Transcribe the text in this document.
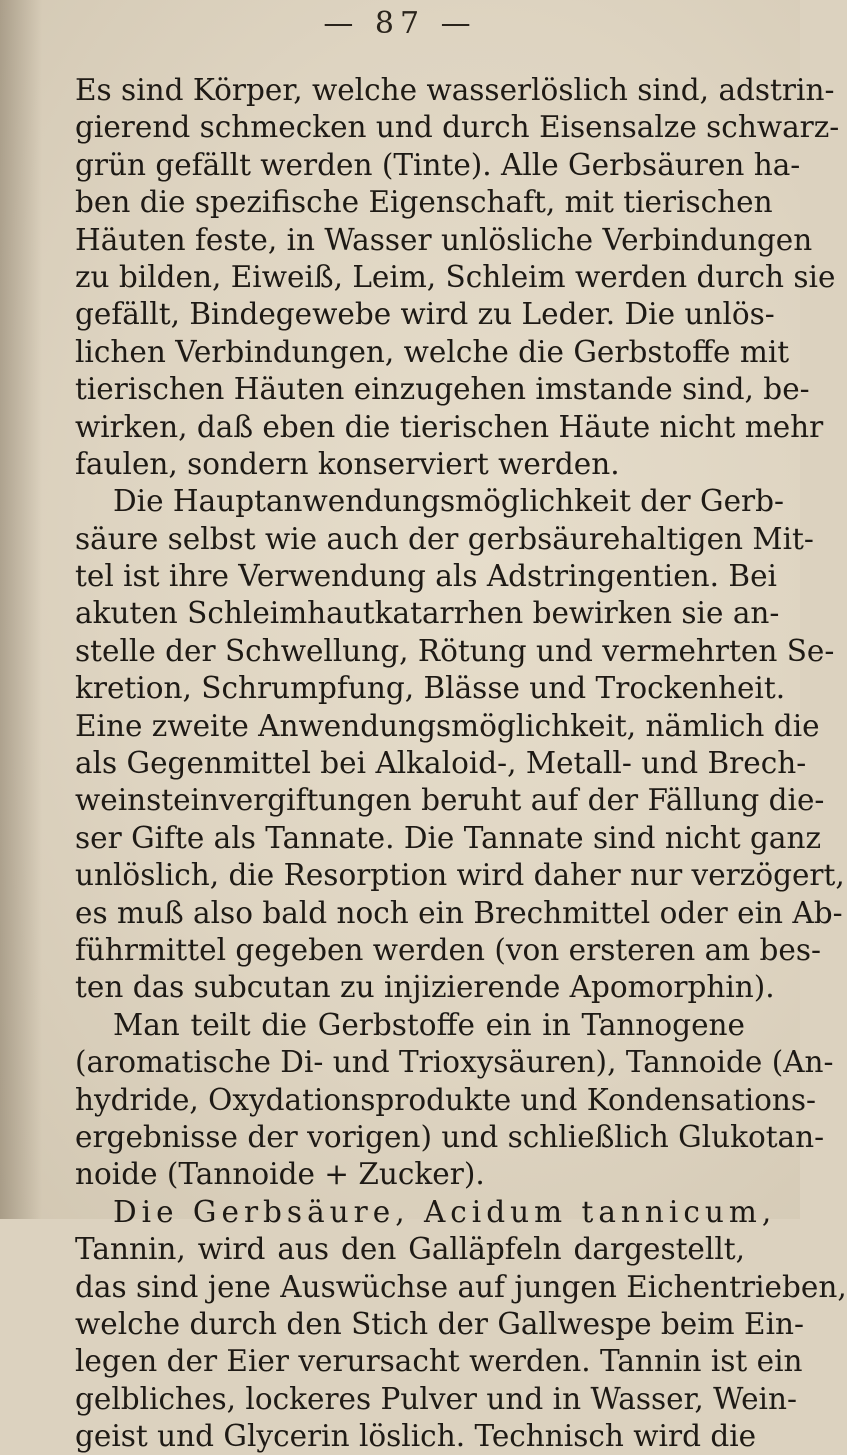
— 87 —
Es sind Körper, welche wasserlöslich sind, adstrin-
gierend schmecken und durch Eisensalze schwarz-
grün gefällt werden (Tinte). Alle Gerbsäuren ha-
ben die spezifische Eigenschaft, mit tierischen
Häuten feste, in Wasser unlösliche Verbindungen
zu bilden, Eiweiß, Leim, Schleim werden durch sie
gefällt, Bindegewebe wird zu Leder. Die unlös-
lichen Verbindungen, welche die Gerbstoffe mit
tierischen Häuten einzugehen imstande sind, be-
wirken, daß eben die tierischen Häute nicht mehr
faulen, sondern konserviert werden.
Die Hauptanwendungsmöglichkeit der Gerb-
säure selbst wie auch der gerbsäurehaltigen Mit-
tel ist ihre Verwendung als Adstringentien. Bei
akuten Schleimhautkatarrhen bewirken sie an-
stelle der Schwellung, Rötung und vermehrten Se-
kretion, Schrumpfung, Blässe und Trockenheit.
Eine zweite Anwendungsmöglichkeit, nämlich die
als Gegenmittel bei Alkaloid-, Metall- und Brech-
weinsteinvergiftungen beruht auf der Fällung die-
ser Gifte als Tannate. Die Tannate sind nicht ganz
unlöslich, die Resorption wird daher nur verzögert,
es muß also bald noch ein Brechmittel oder ein Ab-
führmittel gegeben werden (von ersteren am bes-
ten das subcutan zu injizierende Apomorphin).
Man teilt die Gerbstoffe ein in Tannogene
(aromatische Di- und Trioxysäuren), Tannoide (An-
hydride, Oxydationsprodukte und Kondensations-
ergebnisse der vorigen) und schließlich Glukotan-
noide (Tannoide + Zucker).
Die Gerbsäure, Acidum tannicum,
Tannin, wird aus den Galläpfeln dargestellt,
das sind jene Auswüchse auf jungen Eichentrieben,
welche durch den Stich der Gallwespe beim Ein-
legen der Eier verursacht werden. Tannin ist ein
gelbliches, lockeres Pulver und in Wasser, Wein-
geist und Glycerin löslich. Technisch wird die
